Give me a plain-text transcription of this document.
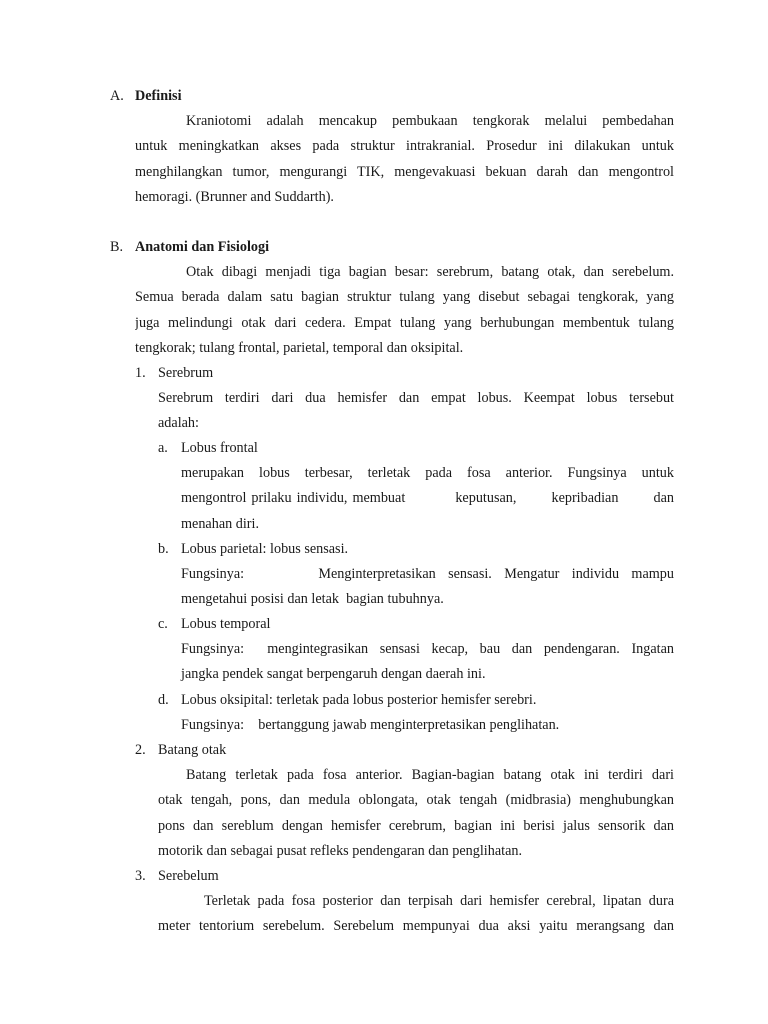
A. Definisi
Kraniotomi adalah mencakup pembukaan tengkorak melalui pembedahan
untuk meningkatkan akses pada struktur intrakranial. Prosedur ini dilakukan untuk
menghilangkan tumor, mengurangi TIK, mengevakuasi bekuan darah dan mengontrol
hemoragi. (Brunner and Suddarth).
B. Anatomi dan Fisiologi
Otak dibagi menjadi tiga bagian besar: serebrum, batang otak, dan serebelum.
Semua berada dalam satu bagian struktur tulang yang disebut sebagai tengkorak, yang
juga melindungi otak dari cedera. Empat tulang yang berhubungan membentuk tulang
tengkorak; tulang frontal, parietal, temporal dan oksipital.
1. Serebrum
Serebrum terdiri dari dua hemisfer dan empat lobus. Keempat lobus tersebut
adalah:
a. Lobus frontal
merupakan lobus terbesar, terletak pada fosa anterior. Fungsinya untuk
mengontrol prilaku individu, membuat          keputusan,       kepribadian       dan
menahan diri.
b. Lobus parietal: lobus sensasi.
Fungsinya:      Menginterpretasikan sensasi. Mengatur individu mampu
mengetahui posisi dan letak  bagian tubuhnya.
c. Lobus temporal
Fungsinya:  mengintegrasikan sensasi kecap, bau dan pendengaran. Ingatan
jangka pendek sangat berpengaruh dengan daerah ini.
d. Lobus oksipital: terletak pada lobus posterior hemisfer serebri.
Fungsinya:    bertanggung jawab menginterpretasikan penglihatan.
2. Batang otak
Batang terletak pada fosa anterior. Bagian-bagian batang otak ini terdiri dari
otak tengah, pons, dan medula oblongata, otak tengah (midbrasia) menghubungkan
pons dan sereblum dengan hemisfer cerebrum, bagian ini berisi jalus sensorik dan
motorik dan sebagai pusat refleks pendengaran dan penglihatan.
3. Serebelum
Terletak pada fosa posterior dan terpisah dari hemisfer cerebral, lipatan dura
meter tentorium serebelum. Serebelum mempunyai dua aksi yaitu merangsang dan
